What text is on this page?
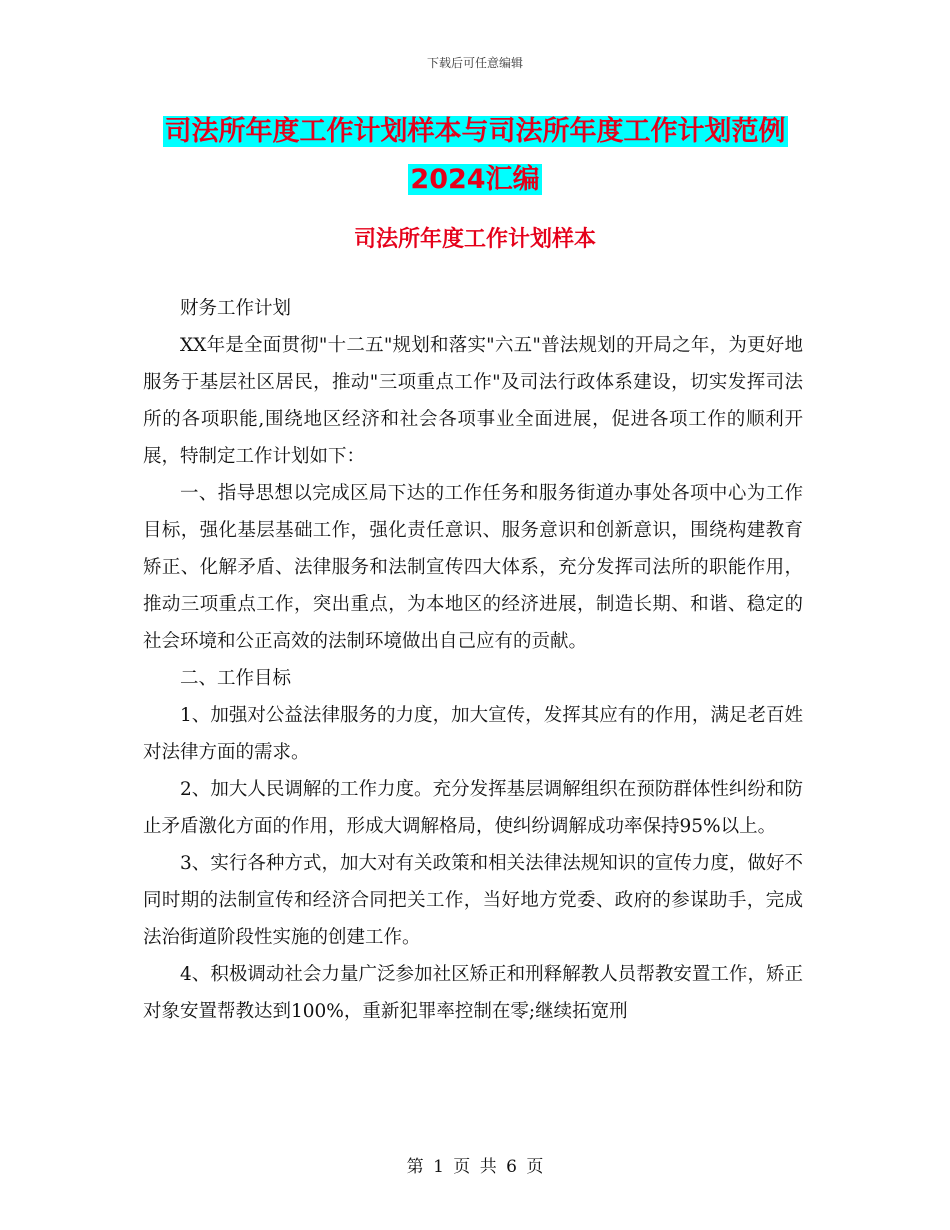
下载后可任意编辑
司法所年度工作计划样本与司法所年度工作计划范例
2024汇编
司法所年度工作计划样本

财务工作计划

XX年是全面贯彻"十二五"规划和落实"六五"普法规划的开局之年，为更好地服务于基层社区居民，推动"三项重点工作"及司法行政体系建设，切实发挥司法所的各项职能,围绕地区经济和社会各项事业全面进展，促进各项工作的顺利开展，特制定工作计划如下：

一、指导思想以完成区局下达的工作任务和服务街道办事处各项中心为工作目标，强化基层基础工作，强化责任意识、服务意识和创新意识，围绕构建教育矫正、化解矛盾、法律服务和法制宣传四大体系，充分发挥司法所的职能作用，推动三项重点工作，突出重点，为本地区的经济进展，制造长期、和谐、稳定的社会环境和公正高效的法制环境做出自己应有的贡献。

二、工作目标

1、加强对公益法律服务的力度，加大宣传，发挥其应有的作用，满足老百姓对法律方面的需求。

2、加大人民调解的工作力度。充分发挥基层调解组织在预防群体性纠纷和防止矛盾激化方面的作用，形成大调解格局，使纠纷调解成功率保持95%以上。

3、实行各种方式，加大对有关政策和相关法律法规知识的宣传力度，做好不同时期的法制宣传和经济合同把关工作，当好地方党委、政府的参谋助手，完成法治街道阶段性实施的创建工作。

4、积极调动社会力量广泛参加社区矫正和刑释解教人员帮教安置工作，矫正对象安置帮教达到100%，重新犯罪率控制在零;继续拓宽刑

第 1 页 共 6 页
